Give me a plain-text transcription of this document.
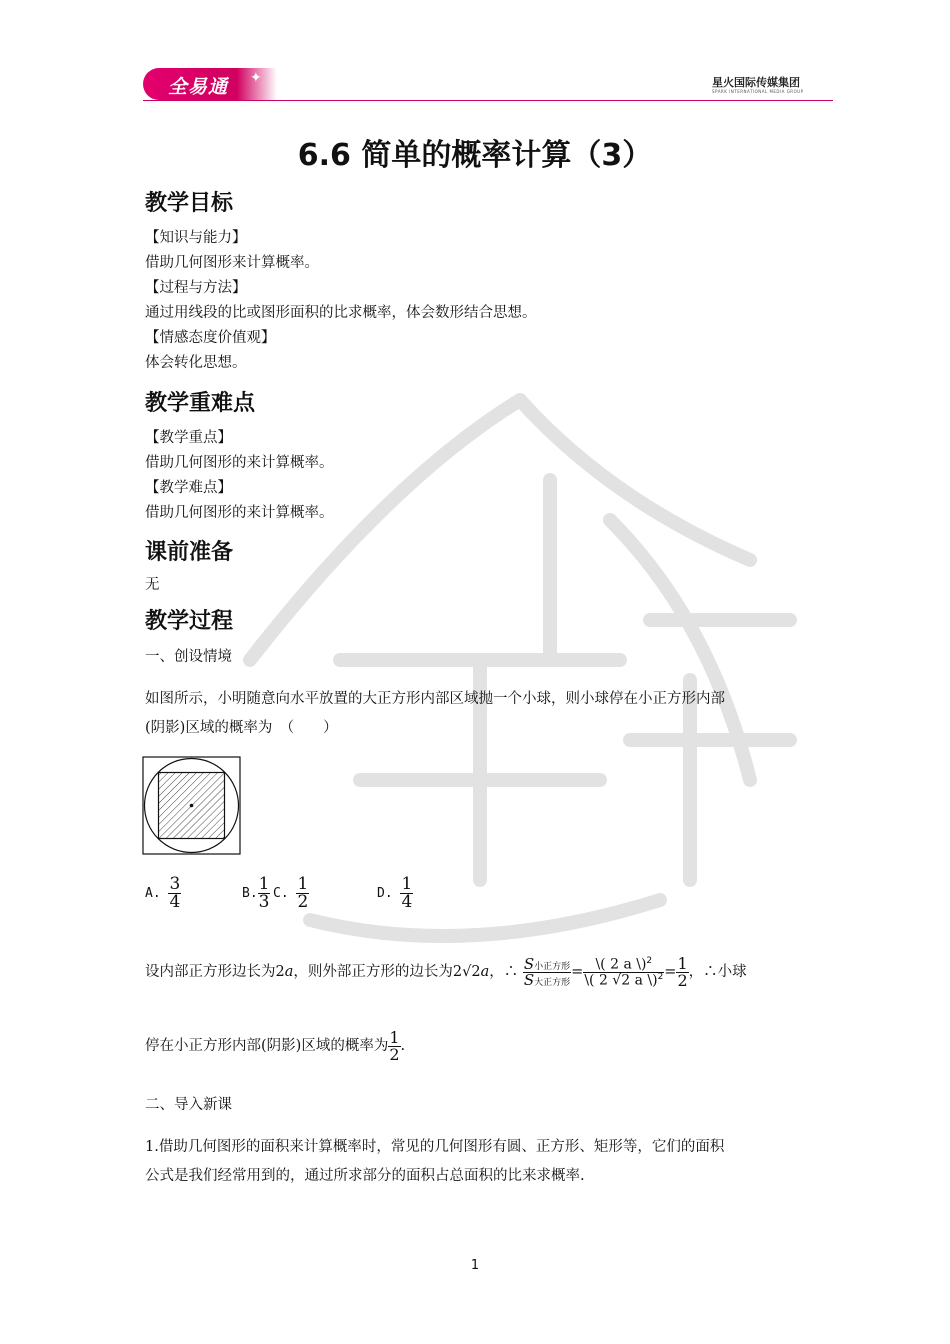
全易通 ✦	星火国际传媒集团
SPARK INTERNATIONAL MEDIA GROUP
6.6 简单的概率计算（3）
教学目标
【知识与能力】
借助几何图形来计算概率。
【过程与方法】
通过用线段的比或图形面积的比求概率，体会数形结合思想。
【情感态度价值观】
体会转化思想。
教学重难点
【教学重点】
借助几何图形的来计算概率。
【教学难点】
借助几何图形的来计算概率。
课前准备
无
教学过程
一、创设情境
如图所示，小明随意向水平放置的大正方形内部区域抛一个小球，则小球停在小正方形内部
(阴影)区域的概率为　（　　）
A. $\frac{3}{4}$	B. $\frac{1}{3} C$. $\frac{1}{2}$	D. $\frac{1}{4}$
设内部正方形边长为2a，则外部正方形的边长为2√2a，∴ $\frac{\text{S小正方形}}{\text{S大正方形}} = \frac{\backslash( 2 a \backslash)^2}{\backslash( 2 √2 a \backslash)^2} = \frac{1}{2}$ ，∴小球
停在小正方形内部(阴影)区域的概率为 $\frac{1}{2}$ .
二、导入新课
1.借助几何图形的面积来计算概率时，常见的几何图形有圆、正方形、矩形等，它们的面积
公式是我们经常用到的，通过所求部分的面积占总面积的比来求概率.
1
